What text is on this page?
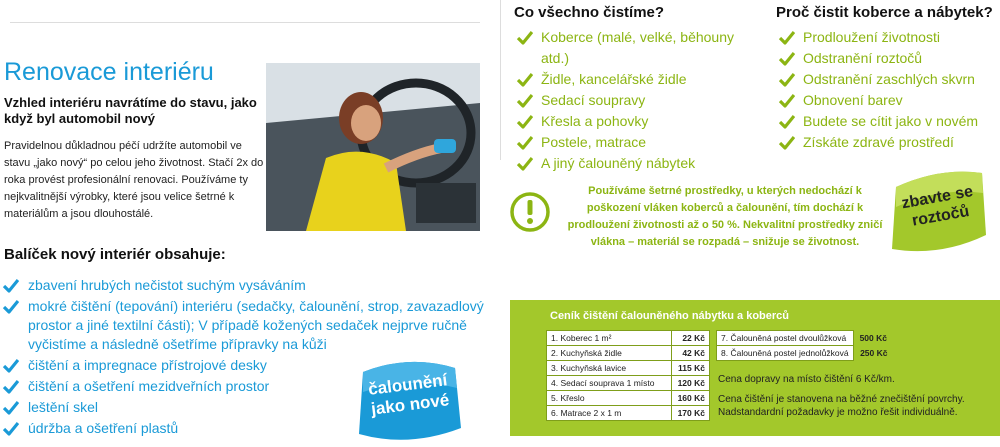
Renovace interiéru
Vzhled interiéru navrátíme do stavu, jako když byl automobil nový
Pravidelnou důkladnou péčí udržíte automobil ve stavu „jako nový“ po celou jeho životnost. Stačí 2x do roka provést profesionální renovaci. Používáme ty nejkvalitnější výrobky, které jsou velice šetrné k materiálům a jsou dlouhostálé.
Balíček nový interiér obsahuje:
zbavení hrubých nečistot suchým vysáváním
mokré čištění (tepování) interiéru (sedačky, čalounění, strop, zavazadlový prostor a jiné textilní části); V případě kožených sedaček nejprve ručně vyčistíme a následně ošetříme přípravky na kůži
čištění a impregnace přístrojové desky
čištění a ošetření mezidveřních prostor
leštění skel
údržba a ošetření plastů
čalounění jako nové
Co všechno čistíme?
Koberce (malé, velké, běhouny atd.)
Židle, kancelářské židle
Sedací soupravy
Křesla a pohovky
Postele, matrace
A jiný čalouněný nábytek
Proč čistit koberce a nábytek?
Prodloužení životnosti
Odstranění roztočů
Odstranění zaschlých skvrn
Obnovení barev
Budete se cítit jako v novém
Získáte zdravé prostředí
Používáme šetrné prostředky, u kterých nedochází k poškození vláken koberců a čalounění, tím dochází k prodloužení životnosti až o 50 %. Nekvalitní prostředky zničí vlákna – materiál se rozpadá – snižuje se životnost.
zbavte se roztočů
Ceník čištění čalouněného nábytku a koberců
1. Koberec 1 m²	22 Kč
2. Kuchyňská židle	42 Kč
3. Kuchyňská lavice	115 Kč
4. Sedací souprava 1 místo	120 Kč
5. Křeslo	160 Kč
6. Matrace 2 x 1 m	170 Kč
7. Čalouněná postel dvoulůžková	500 Kč
8. Čalouněná postel jednolůžková	250 Kč
Cena dopravy na místo čištění 6 Kč/km.
Cena čištění je stanovena na běžné znečištění povrchy. Nadstandardní požadavky je možno řešit individuálně.
